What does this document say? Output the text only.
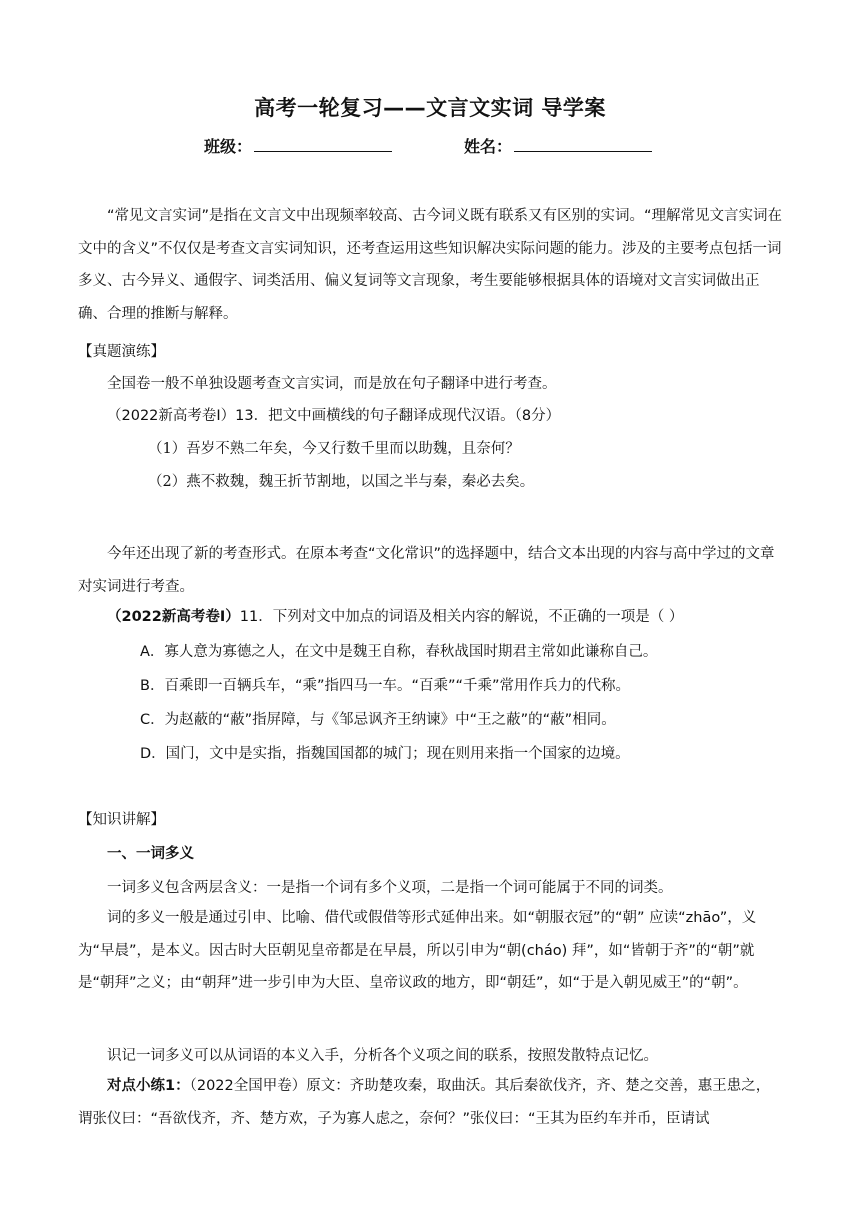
高考一轮复习——文言文实词 导学案
班级：	姓名：

“常见文言实词”是指在文言文中出现频率较高、古今词义既有联系又有区别的实词。“理解常见文言实词在文中的含义”不仅仅是考查文言实词知识，还考查运用这些知识解决实际问题的能力。涉及的主要考点包括一词多义、古今异义、通假字、词类活用、偏义复词等文言现象，考生要能够根据具体的语境对文言实词做出正确、合理的推断与解释。

【真题演练】

全国卷一般不单独设题考查文言实词，而是放在句子翻译中进行考查。

（2022新高考卷Ⅰ）13．把文中画横线的句子翻译成现代汉语。（8分）

（1）吾岁不熟二年矣，今又行数千里而以助魏，且奈何？

（2）燕不救魏，魏王折节割地，以国之半与秦，秦必去矣。

今年还出现了新的考查形式。在原本考查“文化常识”的选择题中，结合文本出现的内容与高中学过的文章对实词进行考查。

（2022新高考卷Ⅰ）11．下列对文中加点的词语及相关内容的解说，不正确的一项是（ ）

A．寡人意为寡德之人，在文中是魏王自称，春秋战国时期君主常如此谦称自己。

B．百乘即一百辆兵车，“乘”指四马一车。“百乘”“千乘”常用作兵力的代称。

C．为赵蔽的“蔽”指屏障，与《邹忌讽齐王纳谏》中“王之蔽”的“蔽”相同。

D．国门，文中是实指，指魏国国都的城门；现在则用来指一个国家的边境。

【知识讲解】

一、一词多义

一词多义包含两层含义：一是指一个词有多个义项，二是指一个词可能属于不同的词类。

词的多义一般是通过引申、比喻、借代或假借等形式延伸出来。如“朝服衣冠”的“朝” 应读“zhāo”，义为“早晨”，是本义。因古时大臣朝见皇帝都是在早晨，所以引申为“朝(cháo) 拜”，如“皆朝于齐”的“朝”就是“朝拜”之义；由“朝拜”进一步引申为大臣、皇帝议政的地方，即“朝廷”，如“于是入朝见威王”的“朝”。

识记一词多义可以从词语的本义入手，分析各个义项之间的联系，按照发散特点记忆。

对点小练1：（2022全国甲卷）原文：齐助楚攻秦，取曲沃。其后秦欲伐齐，齐、楚之交善，惠王患之，谓张仪曰：“吾欲伐齐，齐、楚方欢，子为寡人虑之，奈何？”张仪曰：“王其为臣约车并币，臣请试
